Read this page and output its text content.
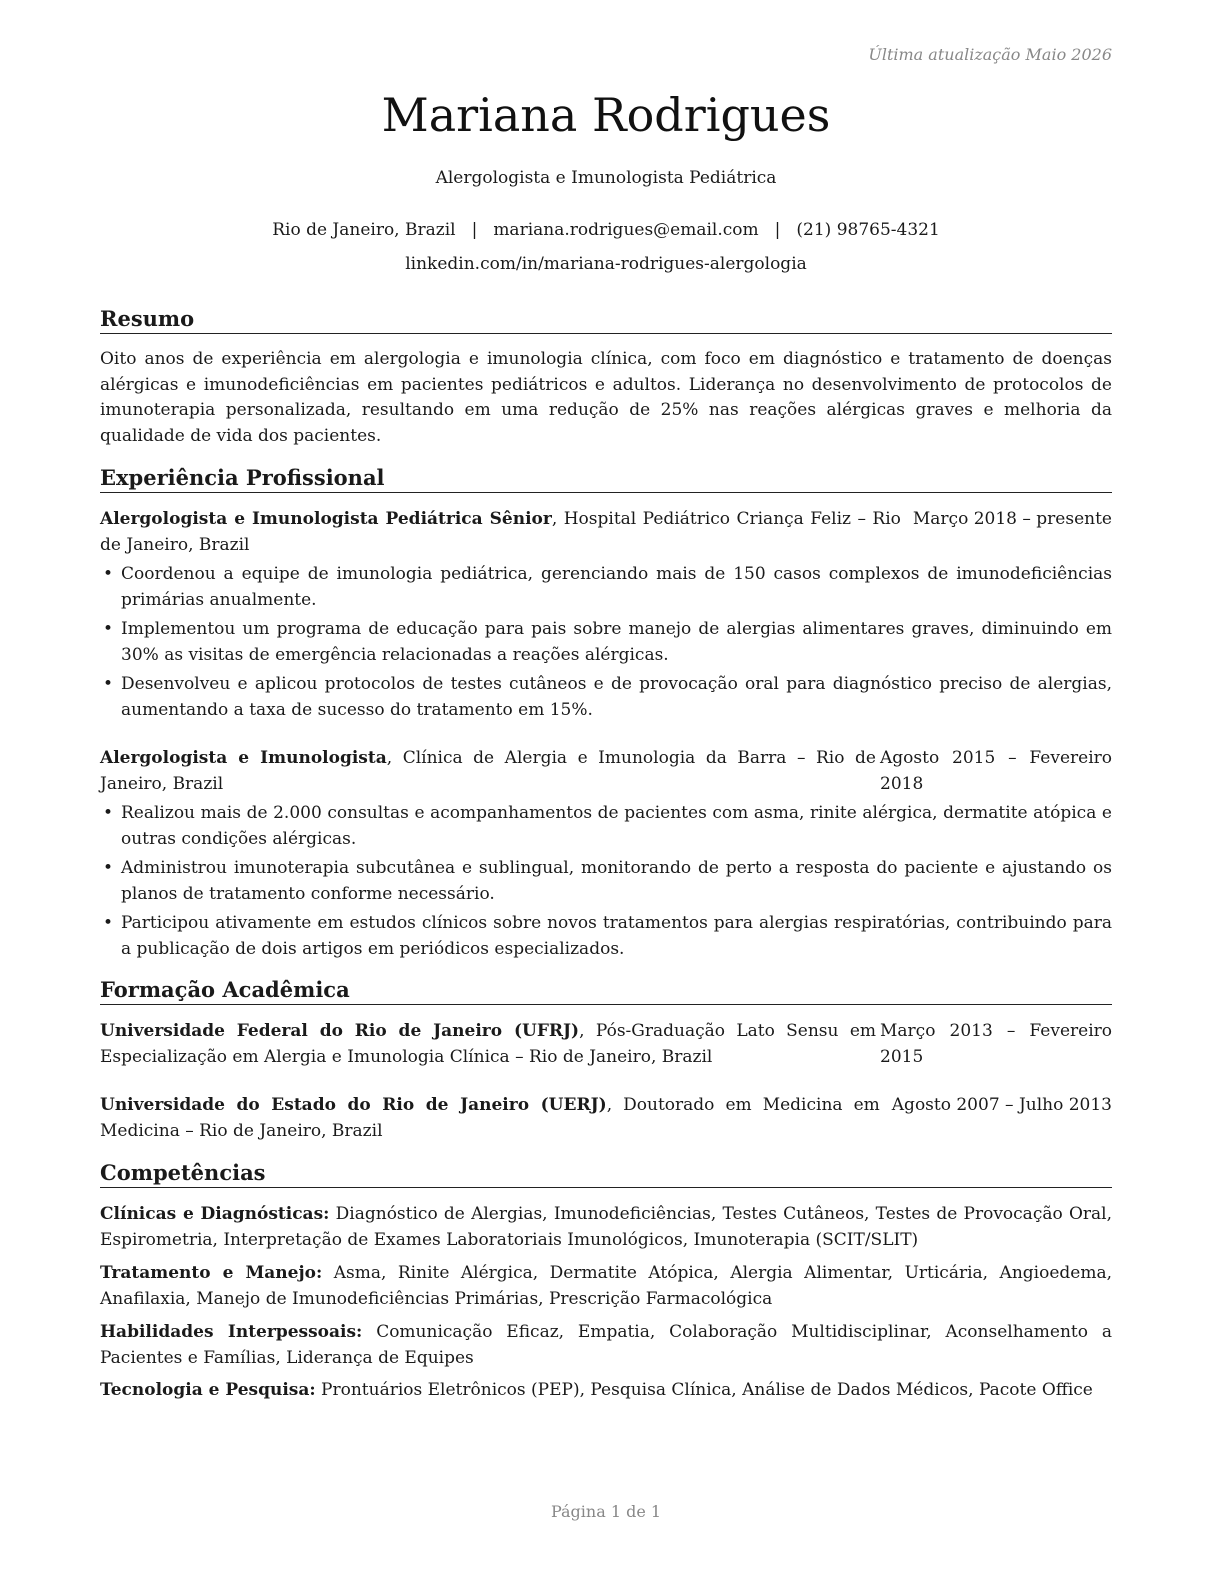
Última atualização Maio 2026
Mariana Rodrigues
Alergologista e Imunologista Pediátrica
Rio de Janeiro, Brazil | mariana.rodrigues@email.com | (21) 98765-4321
linkedin.com/in/mariana-rodrigues-alergologia
Resumo

Oito anos de experiência em alergologia e imunologia clínica, com foco em diagnóstico e tratamento de doenças alérgicas e imunodeficiências em pacientes pediátricos e adultos. Liderança no desenvolvimento de protocolos de imunoterapia personalizada, resultando em uma redução de 25% nas reações alérgicas graves e melhoria da qualidade de vida dos pacientes.

Experiência Profissional
Alergologista e Imunologista Pediátrica Sênior, Hospital Pediátrico Criança Feliz – Rio de Janeiro, Brazil
Março 2018 – presente
• Coordenou a equipe de imunologia pediátrica, gerenciando mais de 150 casos complexos de imunodeficiências primárias anualmente.
• Implementou um programa de educação para pais sobre manejo de alergias alimentares graves, diminuindo em 30% as visitas de emergência relacionadas a reações alérgicas.
• Desenvolveu e aplicou protocolos de testes cutâneos e de provocação oral para diagnóstico preciso de alergias, aumentando a taxa de sucesso do tratamento em 15%.
Alergologista e Imunologista, Clínica de Alergia e Imunologia da Barra – Rio de Janeiro, Brazil
Agosto 2015 – Fevereiro 2018
• Realizou mais de 2.000 consultas e acompanhamentos de pacientes com asma, rinite alérgica, dermatite atópica e outras condições alérgicas.
• Administrou imunoterapia subcutânea e sublingual, monitorando de perto a resposta do paciente e ajustando os planos de tratamento conforme necessário.
• Participou ativamente em estudos clínicos sobre novos tratamentos para alergias respiratórias, contribuindo para a publicação de dois artigos em periódicos especializados.
Formação Acadêmica
Universidade Federal do Rio de Janeiro (UFRJ), Pós-Graduação Lato Sensu em Especialização em Alergia e Imunologia Clínica – Rio de Janeiro, Brazil
Março 2013 – Fevereiro 2015
Universidade do Estado do Rio de Janeiro (UERJ), Doutorado em Medicina em Medicina – Rio de Janeiro, Brazil
Agosto 2007 – Julho 2013
Competências
Clínicas e Diagnósticas: Diagnóstico de Alergias, Imunodeficiências, Testes Cutâneos, Testes de Provocação Oral, Espirometria, Interpretação de Exames Laboratoriais Imunológicos, Imunoterapia (SCIT/SLIT)
Tratamento e Manejo: Asma, Rinite Alérgica, Dermatite Atópica, Alergia Alimentar, Urticária, Angioedema, Anafilaxia, Manejo de Imunodeficiências Primárias, Prescrição Farmacológica
Habilidades Interpessoais: Comunicação Eficaz, Empatia, Colaboração Multidisciplinar, Aconselhamento a Pacientes e Famílias, Liderança de Equipes
Tecnologia e Pesquisa: Prontuários Eletrônicos (PEP), Pesquisa Clínica, Análise de Dados Médicos, Pacote Office
Página 1 de 1
